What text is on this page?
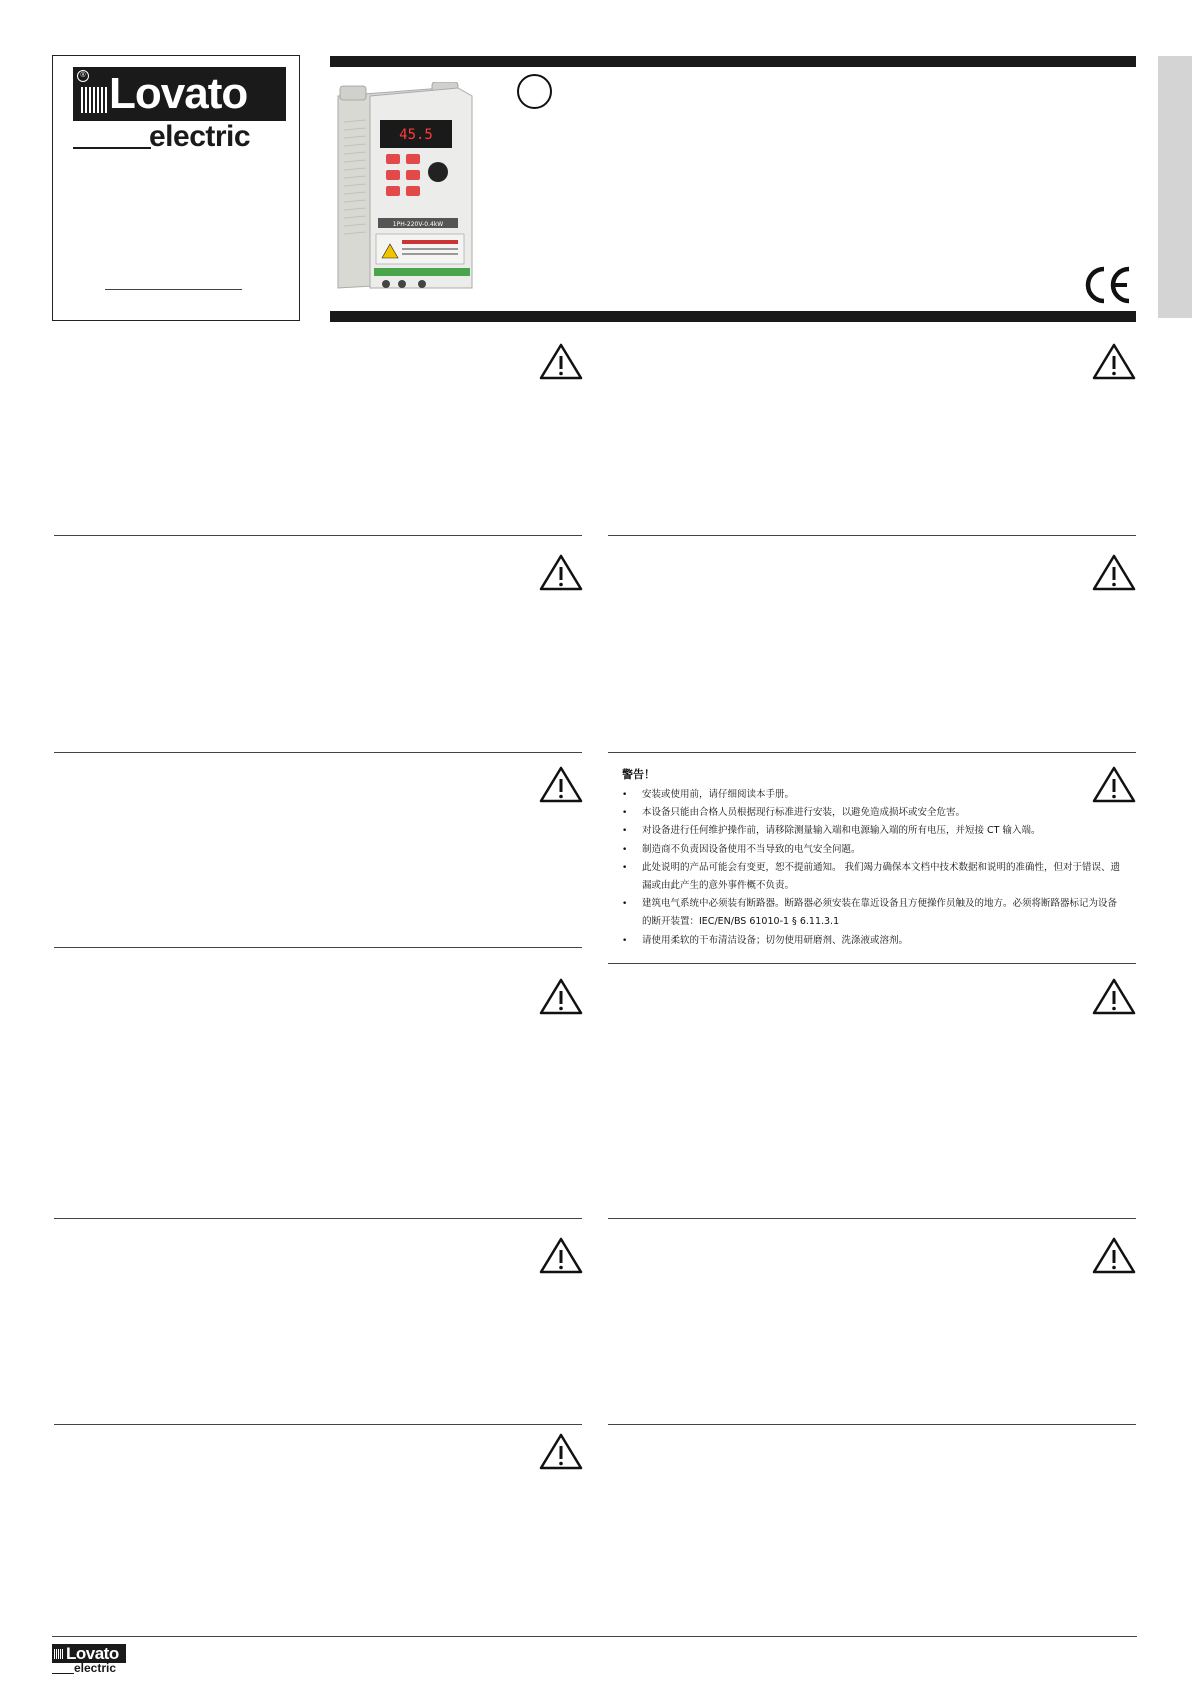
® Lovato
electric	45.5
1PH-220V-0.4kW
警告！
• 安装或使用前，请仔细阅读本手册。
• 本设备只能由合格人员根据现行标准进行安装，以避免造成损坏或安全危害。
• 对设备进行任何维护操作前，请移除测量输入端和电源输入端的所有电压，并短接 CT 输入端。
• 制造商不负责因设备使用不当导致的电气安全问题。
• 此处说明的产品可能会有变更，恕不提前通知。 我们竭力确保本文档中技术数据和说明的准确性，但对于错误、遗漏或由此产生的意外事件概不负责。
• 建筑电气系统中必须装有断路器。断路器必须安装在靠近设备且方便操作员触及的地方。必须将断路器标记为设备的断开装置：IEC/EN/BS 61010-1 § 6.11.3.1
• 请使用柔软的干布清洁设备；切勿使用研磨剂、洗涤液或溶剂。
Lovato
electric
